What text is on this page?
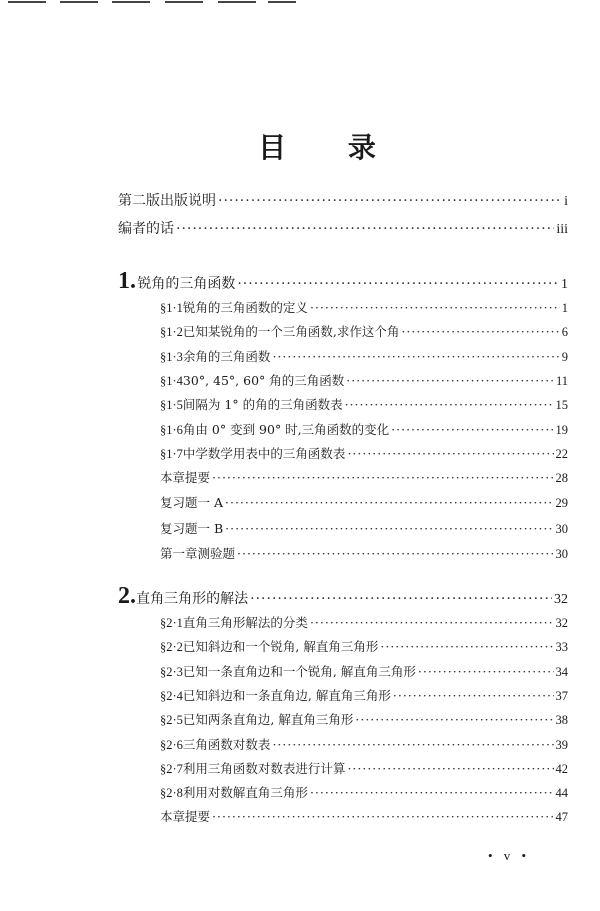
目 录
第二版出版说明 ·····	i
编者的话 ·····	iii
1. 锐角的三角函数 ·····	1
§1·1 锐角的三角函数的定义 ·····	1
§1·2 已知某锐角的一个三角函数,求作这个角 ·····	6
§1·3 余角的三角函数 ·····	9
§1·4 30°, 45°, 60° 角的三角函数 ·····	11
§1·5 间隔为 1° 的角的三角函数表 ·····	15
§1·6 角由 0° 变到 90° 时,三角函数的变化 ·····	19
§1·7 中学数学用表中的三角函数表 ·····	22
本章提要 ·····	28
复习题一 A ·····	29
复习题一 B ·····	30
第一章测验题 ·····	30
2. 直角三角形的解法 ·····	32
§2·1 直角三角形解法的分类 ·····	32
§2·2 已知斜边和一个锐角, 解直角三角形 ·····	33
§2·3 已知一条直角边和一个锐角, 解直角三角形 ·····	34
§2·4 已知斜边和一条直角边, 解直角三角形 ·····	37
§2·5 已知两条直角边, 解直角三角形 ·····	38
§2·6 三角函数对数表 ·····	39
§2·7 利用三角函数对数表进行计算 ·····	42
§2·8 利用对数解直角三角形 ·····	44
本章提要 ·····	47
• v •
